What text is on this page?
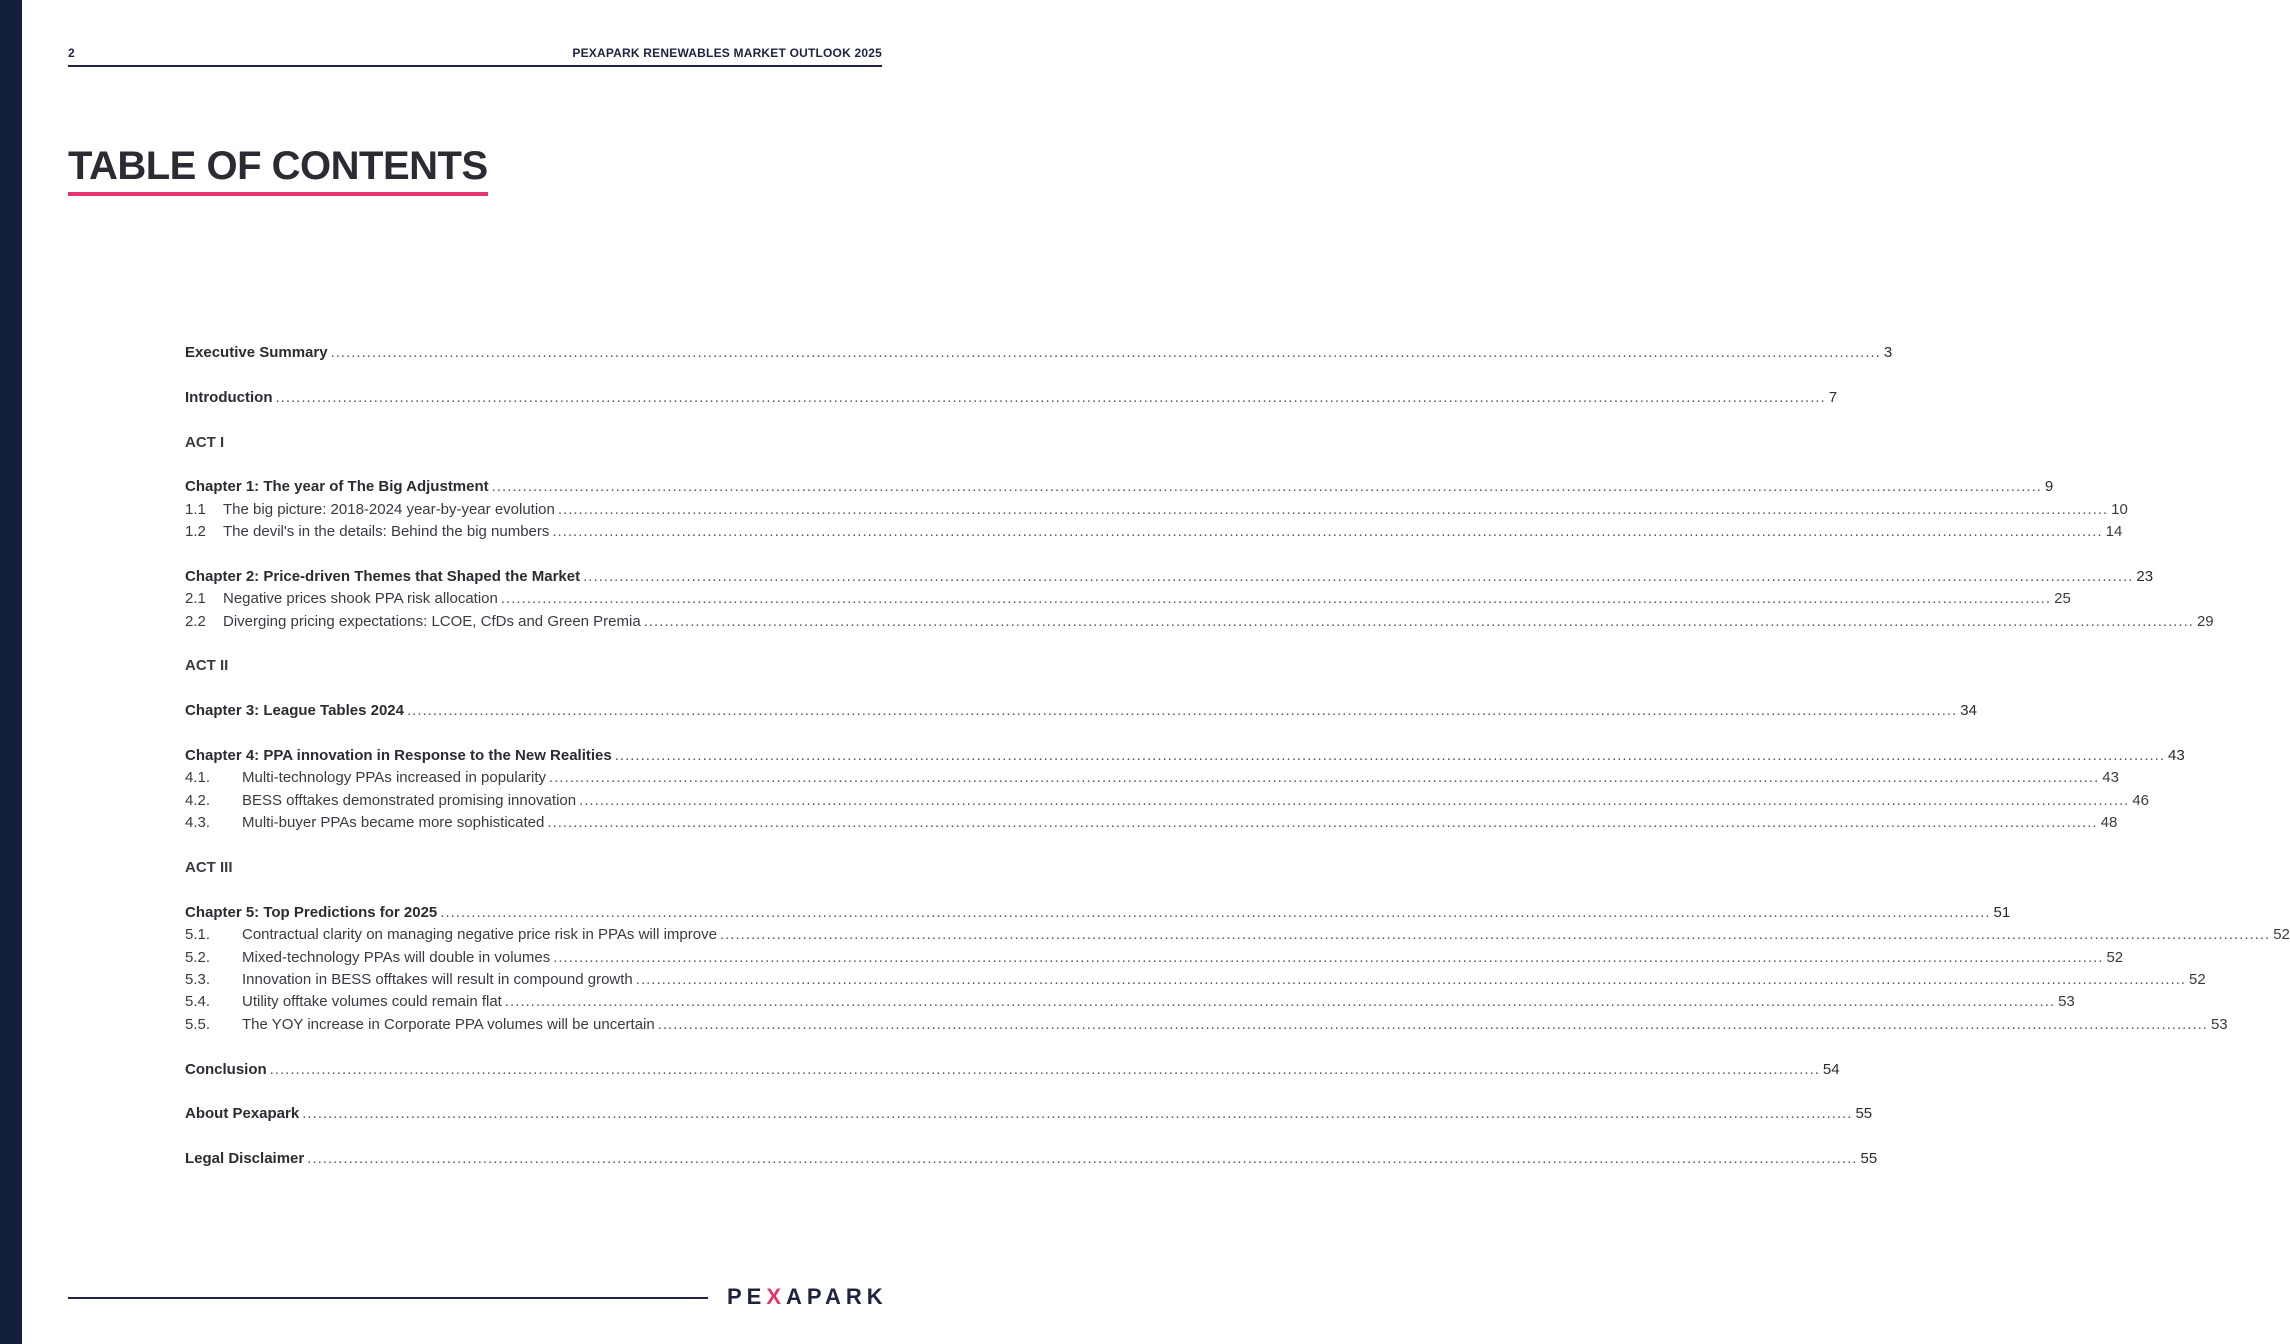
2	PEXAPARK RENEWABLES MARKET OUTLOOK 2025
TABLE OF CONTENTS
Executive Summary ............................................................................................................................................................................................................................................................................................................ 3
Introduction ............................................................................................................................................................................................................................................................................................................ 7
ACT I
Chapter 1: The year of The Big Adjustment ............................................................................................................................................................................................................................................................................................................ 9
1.1	The big picture: 2018-2024 year-by-year evolution ............................................................................................................................................................................................................................................................................................................ 10
1.2	The devil's in the details: Behind the big numbers ............................................................................................................................................................................................................................................................................................................ 14
Chapter 2: Price-driven Themes that Shaped the Market ............................................................................................................................................................................................................................................................................................................ 23
2.1	Negative prices shook PPA risk allocation ............................................................................................................................................................................................................................................................................................................ 25
2.2	Diverging pricing expectations: LCOE, CfDs and Green Premia ............................................................................................................................................................................................................................................................................................................ 29
ACT II
Chapter 3: League Tables 2024 ............................................................................................................................................................................................................................................................................................................ 34
Chapter 4: PPA innovation in Response to the New Realities ............................................................................................................................................................................................................................................................................................................ 43
4.1.	Multi-technology PPAs increased in popularity ............................................................................................................................................................................................................................................................................................................ 43
4.2.	BESS offtakes demonstrated promising innovation ............................................................................................................................................................................................................................................................................................................ 46
4.3.	Multi-buyer PPAs became more sophisticated ............................................................................................................................................................................................................................................................................................................ 48
ACT III
Chapter 5: Top Predictions for 2025 ............................................................................................................................................................................................................................................................................................................ 51
5.1.	Contractual clarity on managing negative price risk in PPAs will improve ............................................................................................................................................................................................................................................................................................................ 52
5.2.	Mixed-technology PPAs will double in volumes ............................................................................................................................................................................................................................................................................................................ 52
5.3.	Innovation in BESS offtakes will result in compound growth ............................................................................................................................................................................................................................................................................................................ 52
5.4.	Utility offtake volumes could remain flat ............................................................................................................................................................................................................................................................................................................ 53
5.5.	The YOY increase in Corporate PPA volumes will be uncertain ............................................................................................................................................................................................................................................................................................................ 53
Conclusion ............................................................................................................................................................................................................................................................................................................ 54
About Pexapark ............................................................................................................................................................................................................................................................................................................ 55
Legal Disclaimer ............................................................................................................................................................................................................................................................................................................ 55
PEXAPARK
